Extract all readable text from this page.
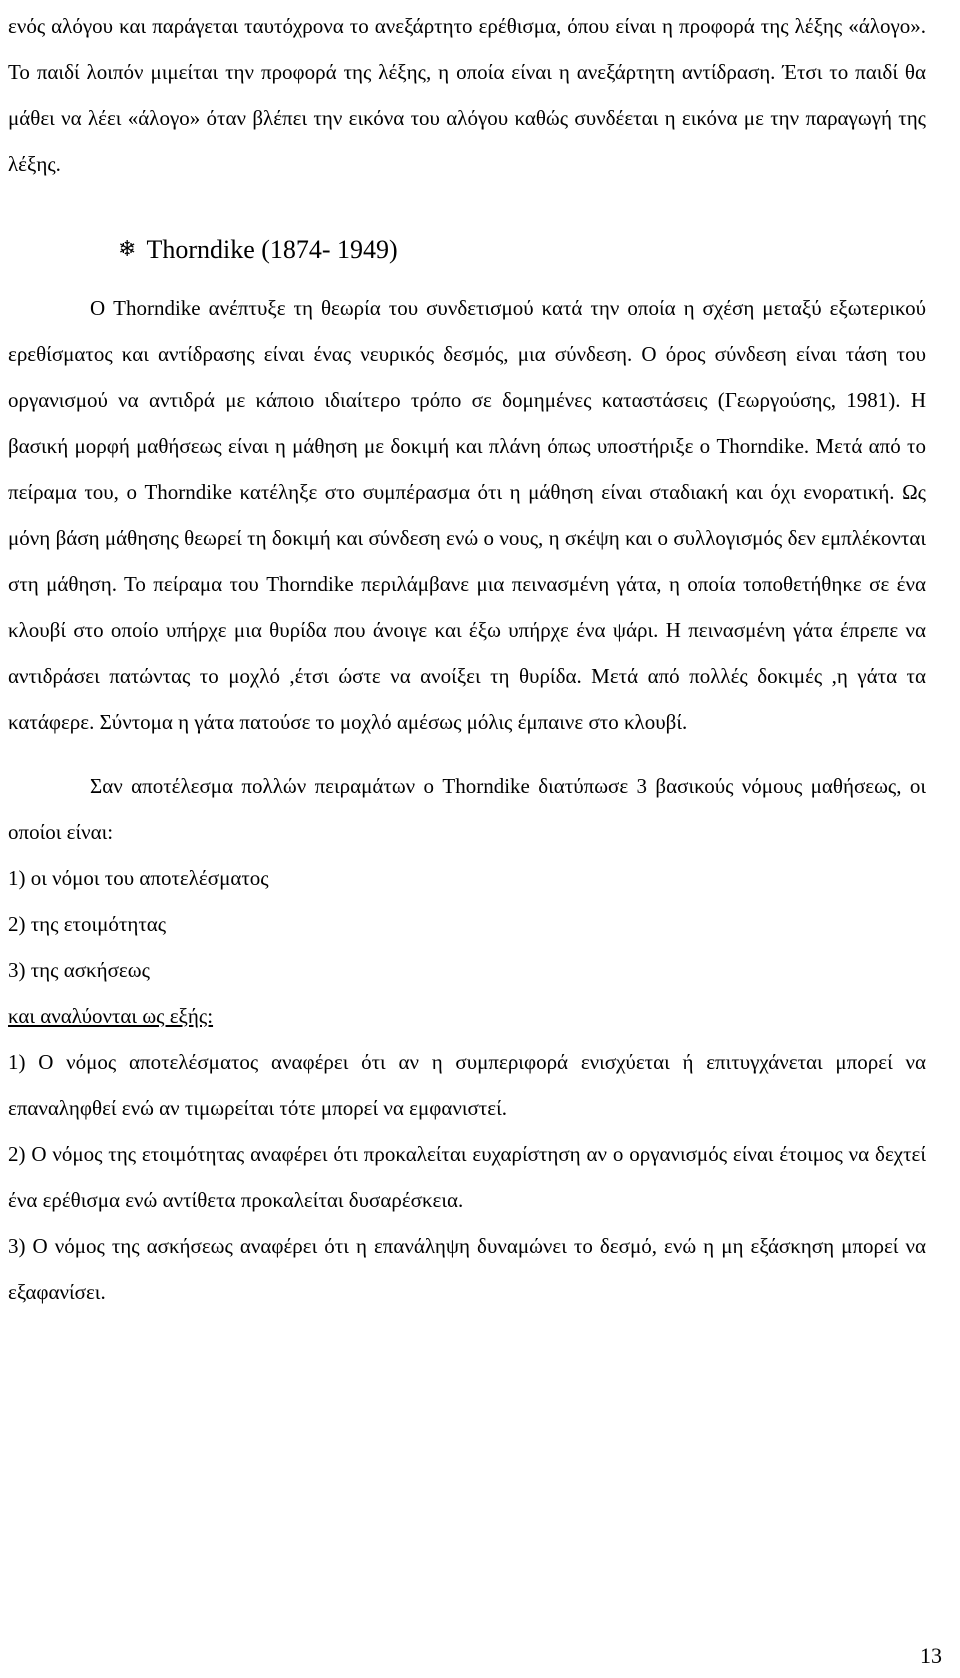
ενός αλόγου και παράγεται ταυτόχρονα το ανεξάρτητο ερέθισμα, όπου είναι η προφορά της λέξης «άλογο». Το παιδί λοιπόν μιμείται την προφορά της λέξης, η οποία είναι η ανεξάρτητη αντίδραση. Έτσι το παιδί θα μάθει να λέει «άλογο» όταν βλέπει την εικόνα του αλόγου καθώς συνδέεται η εικόνα με την παραγωγή της λέξης.

❄ Thorndike (1874- 1949)

Ο Thorndike ανέπτυξε τη θεωρία του συνδετισμού κατά την οποία η σχέση μεταξύ εξωτερικού ερεθίσματος και αντίδρασης είναι ένας νευρικός δεσμός, μια σύνδεση. Ο όρος σύνδεση είναι τάση του οργανισμού να αντιδρά με κάποιο ιδιαίτερο τρόπο σε δομημένες καταστάσεις (Γεωργούσης, 1981). Η βασική μορφή μαθήσεως είναι η μάθηση με δοκιμή και πλάνη όπως υποστήριξε ο Thorndike. Μετά από το πείραμα του, ο Thorndike κατέληξε στο συμπέρασμα ότι η μάθηση είναι σταδιακή και όχι ενορατική. Ως μόνη βάση μάθησης θεωρεί τη δοκιμή και σύνδεση ενώ ο νους, η σκέψη και ο συλλογισμός δεν εμπλέκονται στη μάθηση. Το πείραμα του Thorndike περιλάμβανε μια πεινασμένη γάτα, η οποία τοποθετήθηκε σε ένα κλουβί στο οποίο υπήρχε μια θυρίδα που άνοιγε και έξω υπήρχε ένα ψάρι. Η πεινασμένη γάτα έπρεπε να αντιδράσει πατώντας το μοχλό ,έτσι ώστε να ανοίξει τη θυρίδα. Μετά από πολλές δοκιμές ,η γάτα τα κατάφερε. Σύντομα η γάτα πατούσε το μοχλό αμέσως μόλις έμπαινε στο κλουβί.

Σαν αποτέλεσμα πολλών πειραμάτων ο Thorndike διατύπωσε 3 βασικούς νόμους μαθήσεως, οι οποίοι είναι:

1) οι νόμοι του αποτελέσματος

2) της ετοιμότητας

3) της ασκήσεως

και αναλύονται ως εξής:

1) Ο νόμος αποτελέσματος αναφέρει ότι αν η συμπεριφορά ενισχύεται ή επιτυγχάνεται μπορεί να επαναληφθεί ενώ αν τιμωρείται τότε μπορεί να εμφανιστεί.

2) Ο νόμος της ετοιμότητας αναφέρει ότι προκαλείται ευχαρίστηση αν ο οργανισμός είναι έτοιμος να δεχτεί ένα ερέθισμα ενώ αντίθετα προκαλείται δυσαρέσκεια.

3) Ο νόμος της ασκήσεως αναφέρει ότι η επανάληψη δυναμώνει το δεσμό, ενώ η μη εξάσκηση μπορεί να εξαφανίσει.

13
